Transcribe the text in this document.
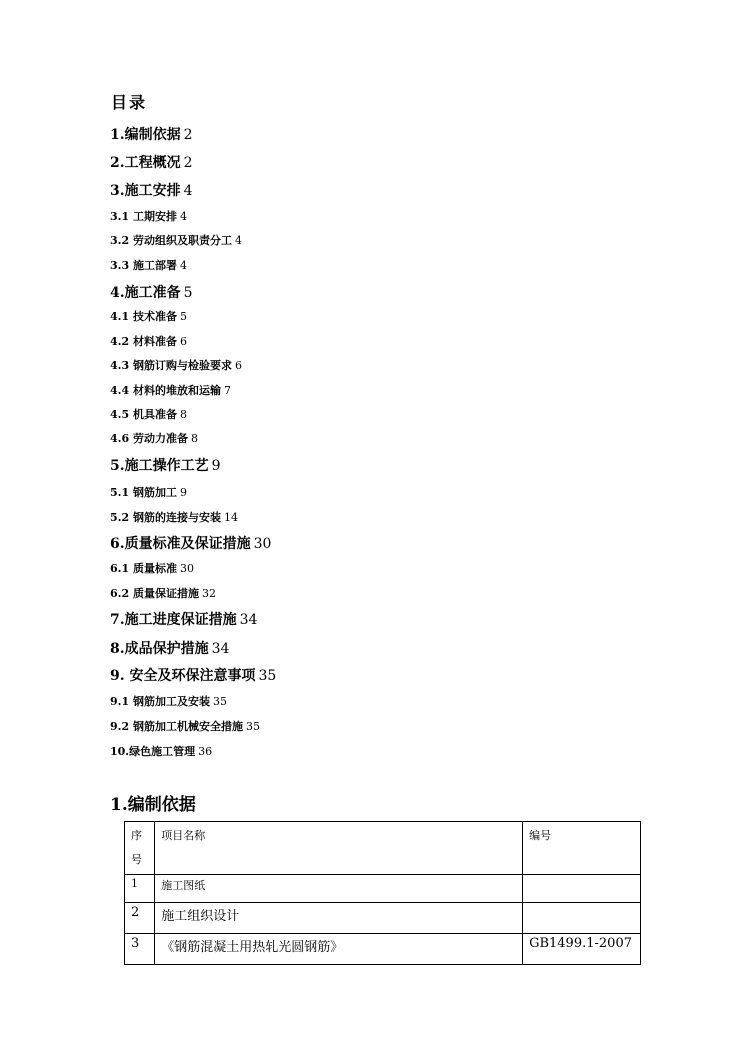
目录
1.编制依据 2
2.工程概况 2
3.施工安排 4
3.1 工期安排 4
3.2 劳动组织及职责分工 4
3.3 施工部署 4
4.施工准备 5
4.1 技术准备 5
4.2 材料准备 6
4.3 钢筋订购与检验要求 6
4.4 材料的堆放和运输 7
4.5 机具准备 8
4.6 劳动力准备 8
5.施工操作工艺 9
5.1 钢筋加工 9
5.2 钢筋的连接与安装 14
6.质量标准及保证措施 30
6.1 质量标准 30
6.2 质量保证措施 32
7.施工进度保证措施 34
8.成品保护措施 34
9. 安全及环保注意事项 35
9.1 钢筋加工及安装 35
9.2 钢筋加工机械安全措施 35
10.绿色施工管理 36
1.编制依据
序
号	项目名称	编号
1	施工图纸	
2	施工组织设计	
3	《钢筋混凝土用热轧光圆钢筋》	GB1499.1-2007
